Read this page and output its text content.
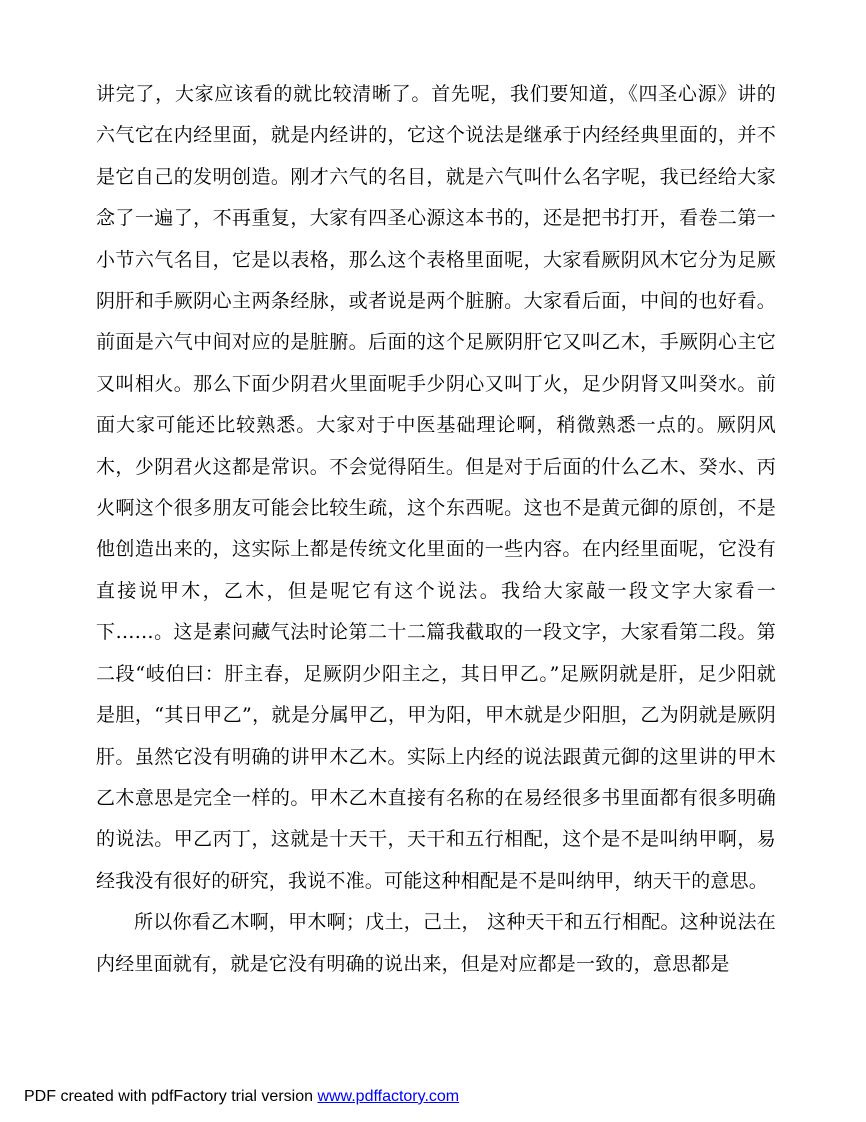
讲完了，大家应该看的就比较清晰了。首先呢，我们要知道，《四圣心源》讲的六气它在内经里面，就是内经讲的，它这个说法是继承于内经经典里面的，并不是它自己的发明创造。刚才六气的名目，就是六气叫什么名字呢，我已经给大家念了一遍了，不再重复，大家有四圣心源这本书的，还是把书打开，看卷二第一小节六气名目，它是以表格，那么这个表格里面呢，大家看厥阴风木它分为足厥阴肝和手厥阴心主两条经脉，或者说是两个脏腑。大家看后面，中间的也好看。前面是六气中间对应的是脏腑。后面的这个足厥阴肝它又叫乙木，手厥阴心主它又叫相火。那么下面少阴君火里面呢手少阴心又叫丁火，足少阴肾又叫癸水。前面大家可能还比较熟悉。大家对于中医基础理论啊，稍微熟悉一点的。厥阴风木，少阴君火这都是常识。不会觉得陌生。但是对于后面的什么乙木、癸水、丙火啊这个很多朋友可能会比较生疏，这个东西呢。这也不是黄元御的原创，不是他创造出来的，这实际上都是传统文化里面的一些内容。在内经里面呢，它没有直接说甲木，乙木，但是呢它有这个说法。我给大家敲一段文字大家看一下……。这是素问藏气法时论第二十二篇我截取的一段文字，大家看第二段。第二段“岐伯曰：肝主春，足厥阴少阳主之，其日甲乙。”足厥阴就是肝，足少阳就是胆，“其日甲乙”，就是分属甲乙，甲为阳，甲木就是少阳胆，乙为阴就是厥阴肝。虽然它没有明确的讲甲木乙木。实际上内经的说法跟黄元御的这里讲的甲木乙木意思是完全一样的。甲木乙木直接有名称的在易经很多书里面都有很多明确的说法。甲乙丙丁，这就是十天干，天干和五行相配，这个是不是叫纳甲啊，易经我没有很好的研究，我说不准。可能这种相配是不是叫纳甲，纳天干的意思。

所以你看乙木啊，甲木啊；戊土，己土， 这种天干和五行相配。这种说法在内经里面就有，就是它没有明确的说出来，但是对应都是一致的，意思都是

PDF created with pdfFactory trial version www.pdffactory.com
